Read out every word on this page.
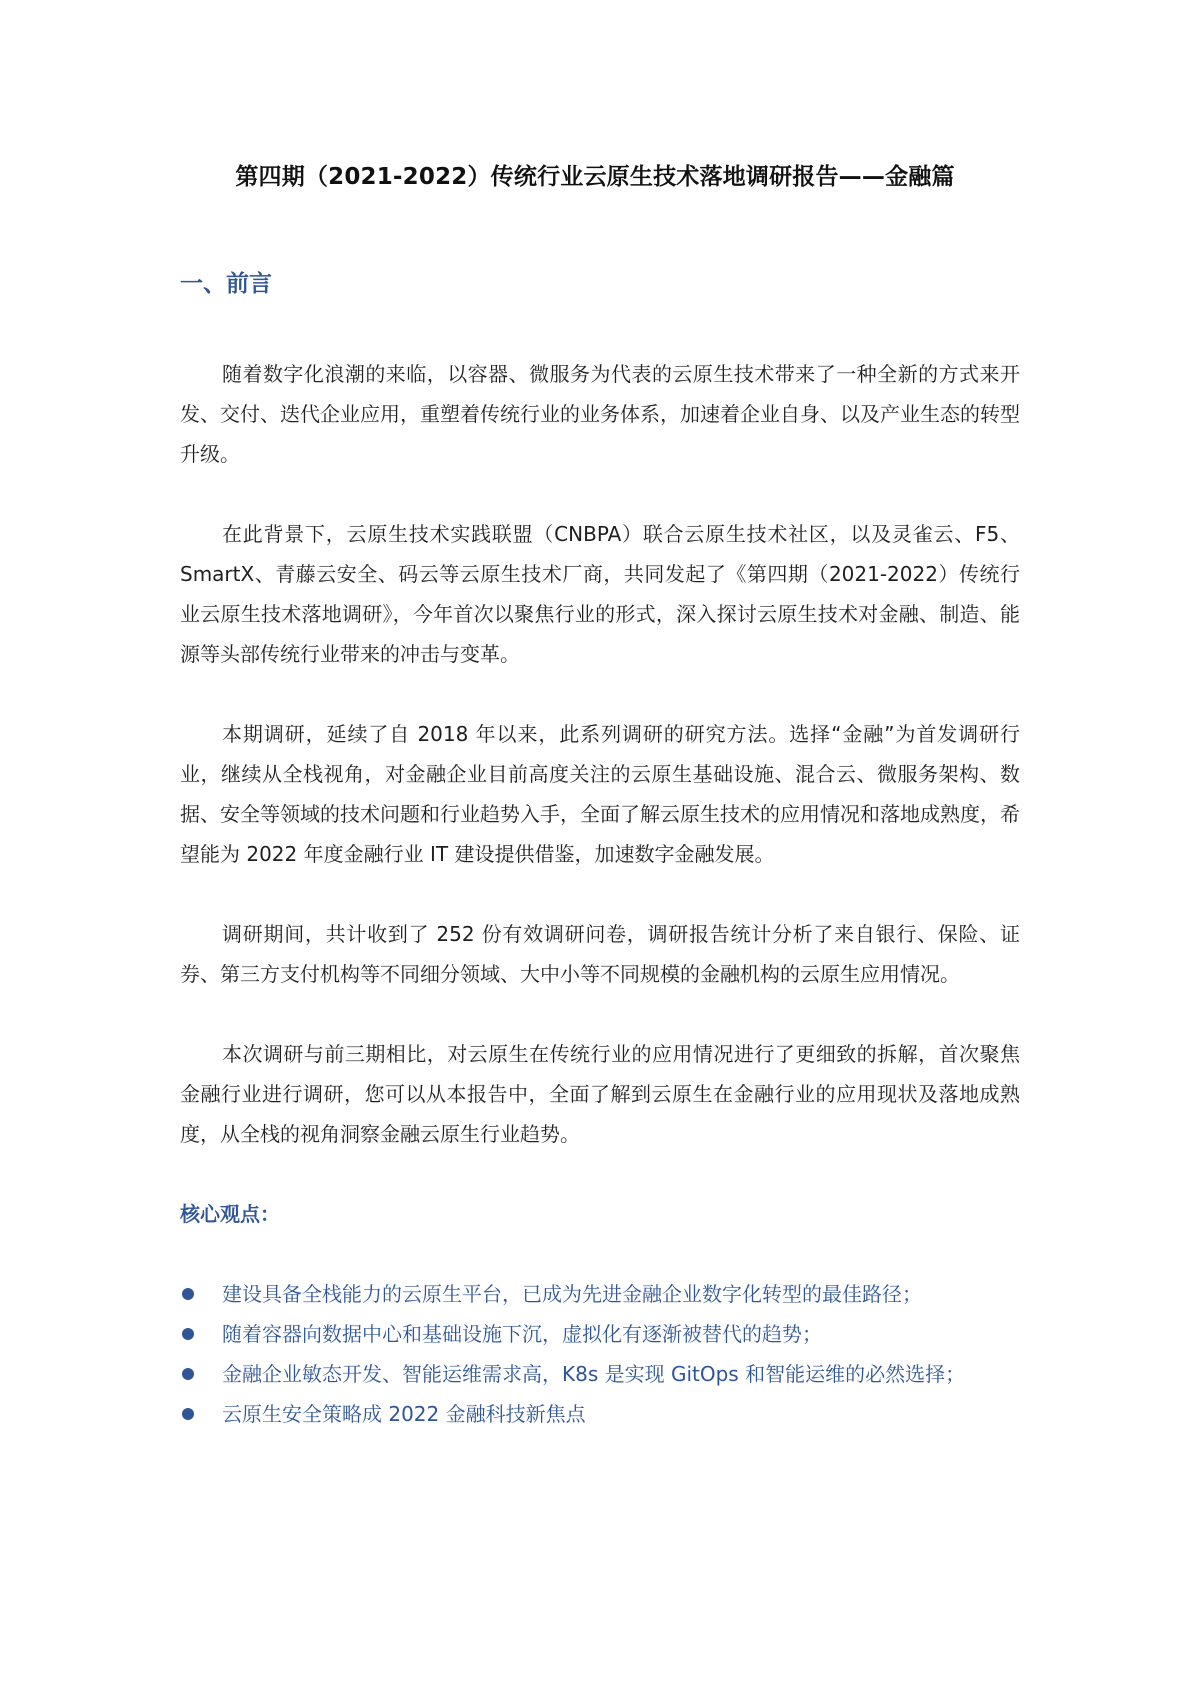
第四期（2021-2022）传统行业云原生技术落地调研报告——金融篇
一、前言

随着数字化浪潮的来临，以容器、微服务为代表的云原生技术带来了一种全新的方式来开发、交付、迭代企业应用，重塑着传统行业的业务体系，加速着企业自身、以及产业生态的转型升级。

在此背景下，云原生技术实践联盟（CNBPA）联合云原生技术社区，以及灵雀云、F5、SmartX、青藤云安全、码云等云原生技术厂商，共同发起了《第四期（2021-2022）传统行业云原生技术落地调研》，今年首次以聚焦行业的形式，深入探讨云原生技术对金融、制造、能源等头部传统行业带来的冲击与变革。

本期调研，延续了自 2018 年以来，此系列调研的研究方法。选择“金融”为首发调研行业，继续从全栈视角，对金融企业目前高度关注的云原生基础设施、混合云、微服务架构、数据、安全等领域的技术问题和行业趋势入手，全面了解云原生技术的应用情况和落地成熟度，希望能为 2022 年度金融行业 IT 建设提供借鉴，加速数字金融发展。

调研期间，共计收到了 252 份有效调研问卷，调研报告统计分析了来自银行、保险、证券、第三方支付机构等不同细分领域、大中小等不同规模的金融机构的云原生应用情况。

本次调研与前三期相比，对云原生在传统行业的应用情况进行了更细致的拆解，首次聚焦金融行业进行调研，您可以从本报告中，全面了解到云原生在金融行业的应用现状及落地成熟度，从全栈的视角洞察金融云原生行业趋势。

核心观点：
建设具备全栈能力的云原生平台，已成为先进金融企业数字化转型的最佳路径；
随着容器向数据中心和基础设施下沉，虚拟化有逐渐被替代的趋势；
金融企业敏态开发、智能运维需求高，K8s 是实现 GitOps 和智能运维的必然选择；
云原生安全策略成 2022 金融科技新焦点
